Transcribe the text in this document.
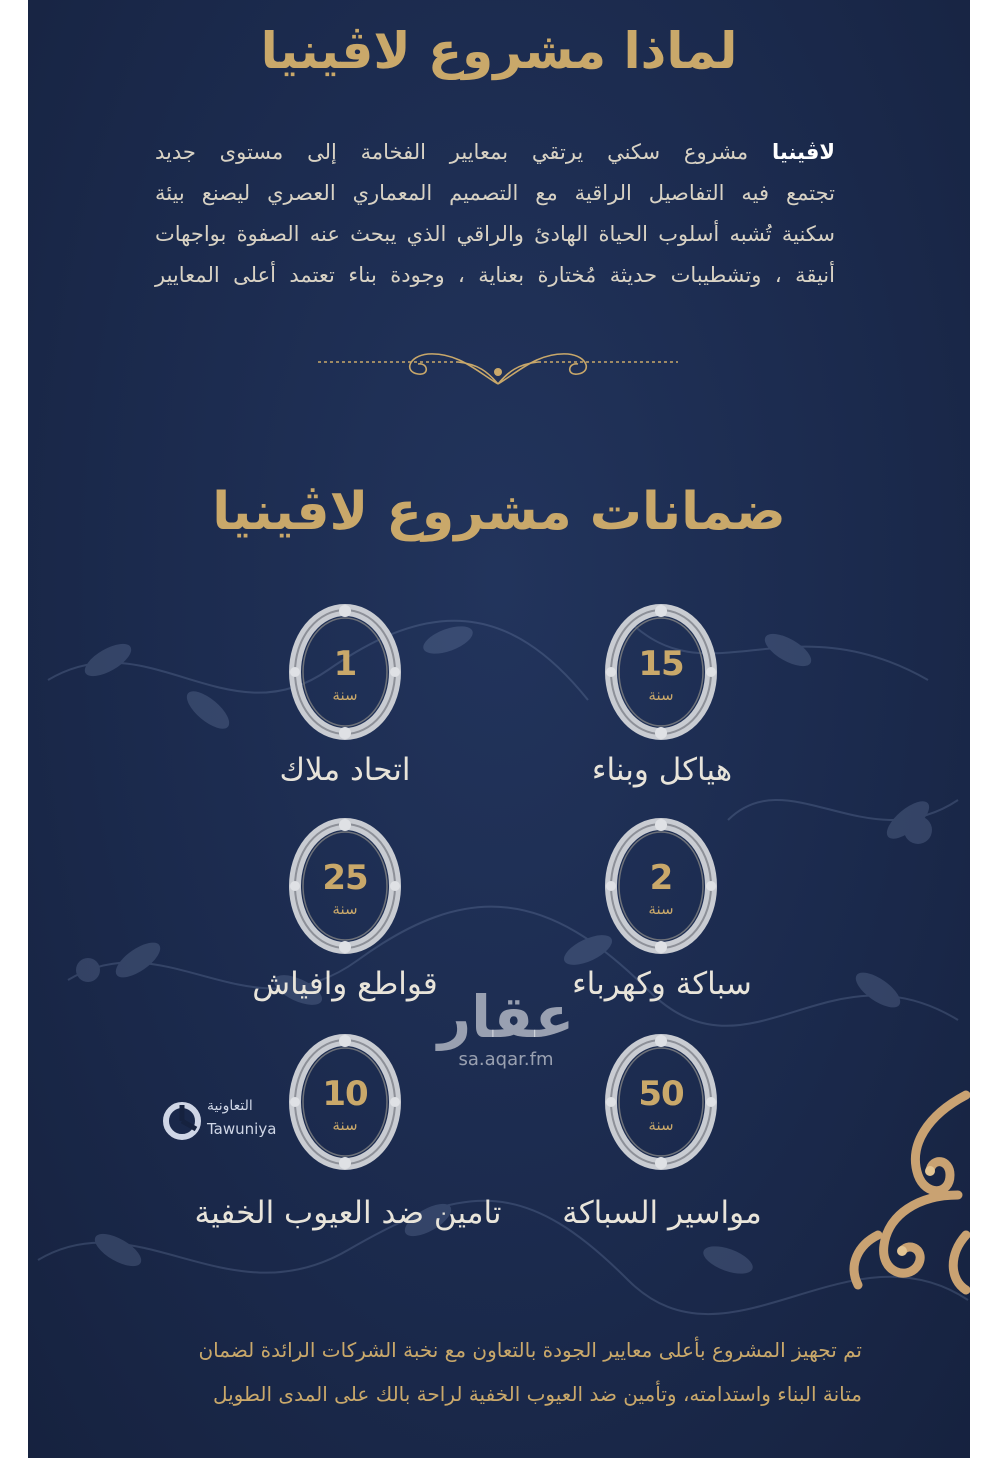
لماذا مشروع لاڤينيا
لاڤينيا مشروع سكني يرتقي بمعايير الفخامة إلى مستوى جديد
تجتمع فيه التفاصيل الراقية مع التصميم المعماري العصري ليصنع بيئة
سكنية تُشبه أسلوب الحياة الهادئ والراقي الذي يبحث عنه الصفوة بواجهات
أنيقة ، وتشطيبات حديثة مُختارة بعناية ، وجودة بناء تعتمد أعلى المعايير
ضمانات مشروع لاڤينيا
15
سنة
هياكل وبناء
1
سنة
اتحاد ملاك
2
سنة
سباكة وكهرباء
25
سنة
قواطع وافياش
50
سنة
مواسير السباكة
10
سنة
تامين ضد العيوب الخفية
التعاونية
Tawuniya
عقار
sa.aqar.fm
تم تجهيز المشروع بأعلى معايير الجودة بالتعاون مع نخبة الشركات الرائدة لضمان
متانة البناء واستدامته، وتأمين ضد العيوب الخفية لراحة بالك على المدى الطويل
